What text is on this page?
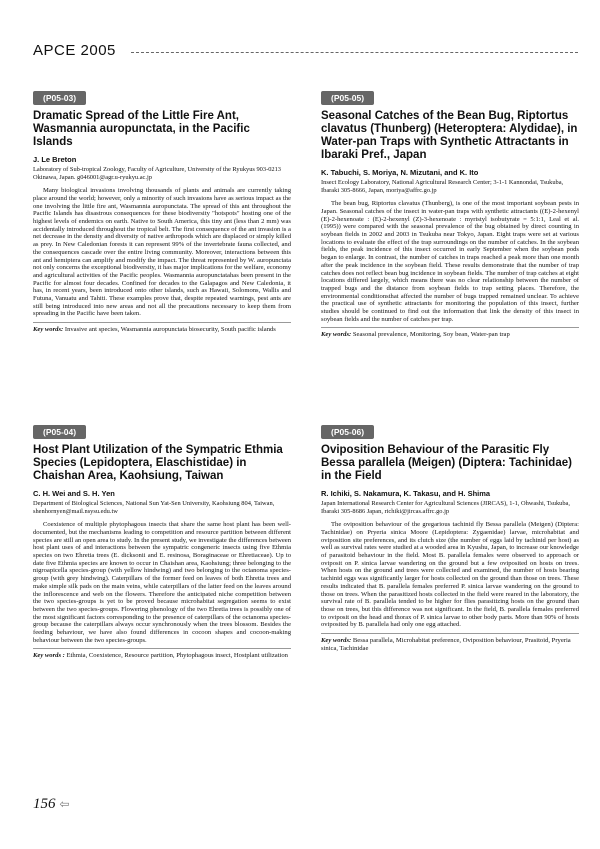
APCE 2005
(P05-03)
Dramatic Spread of the Little Fire Ant, Wasmannia auropunctata, in the Pacific Islands
J. Le Breton
Laboratory of Sub-tropical Zoology, Faculty of Agriculture, University of the Ryukyus 903-0213 Okinawa, Japan. g046001@agr.u-ryukyu.ac.jp

Many biological invasions involving thousands of plants and animals are currently taking place around the world; however, only a minority of such invasions have as serious impact as the one involving the little fire ant, Wasmannia auropunctata. The spread of this ant throughout the Pacific Islands has disastrous consequences for these biodiversity "hotspots" hosting one of the highest levels of endemics on earth. Native to South America, this tiny ant (less than 2 mm) was accidentally introduced throughout the tropical belt. The first consequence of the ant invasion is a net decrease in the density and diversity of native arthropods which are displaced or simply killed as prey. In New Caledonian forests it can represent 99% of the invertebrate fauna collected, and the consequences cascade over the entire living community. Moreover, interactions between this ant and hemiptera can amplify and modify the impact. The threat represented by W. auropunctata not only concerns the exceptional biodiversity, it has major implications for the welfare, economy and agricultural activities of the Pacific peoples. Wasmannia auropunctatahas been present in the Pacific for almost four decades. Confined for decades to the Galapagos and New Caledonia, it has, in recent years, been introduced onto other islands, such as Hawaii, Solomons, Wallis and Futuna, Vanuatu and Tahiti. These examples prove that, despite repeated warnings, pest ants are still being introduced into new areas and not all the precautions necessary to keep them from spreading in the Pacific have been taken.

Key words: Invasive ant species, Wasmannia auropunctata biosecurity, South pacific islands
(P05-05)
Seasonal Catches of the Bean Bug, Riptortus clavatus (Thunberg) (Heteroptera: Alydidae), in Water-pan Traps with Synthetic Attractants in Ibaraki Pref., Japan
K. Tabuchi, S. Moriya, N. Mizutani, and K. Ito
Insect Ecology Laboratory, National Agricultural Research Center; 3-1-1 Kannondai, Tsukuba, Ibaraki 305-8666, Japan, moriya@affrc.go.jp

The bean bug, Riptortus clavatus (Thunberg), is one of the most important soybean pests in Japan. Seasonal catches of the insect in water-pan traps with synthetic attractants ((E)-2-hexenyl (E)-2-hexenoate : (E)-2-hexenyl (Z)-3-hexenoate : myristyl isobutyrate = 5:1:1, Leal et al. (1995)) were compared with the seasonal prevalence of the bug obtained by direct counting in soybean fields in 2002 and 2003 in Tsukuba near Tokyo, Japan. Eight traps were set at various locations to evaluate the effect of the trap surroundings on the number of catches. In the soybean fields, the peak incidence of this insect occurred in early September when the soybean pods began to enlarge. In contrast, the number of catches in traps reached a peak more than one month after the peak incidence in the soybean field. These results demonstrate that the number of trap catches does not reflect bean bug incidence in soybean fields. The number of trap catches at eight locations differed largely, which means there was no clear relationship between the number of trapped bugs and the distance from soybean fields to trap setting places. Therefore, the environmental conditionsthat affected the number of bugs trapped remained unclear. To achieve the practical use of synthetic attractants for monitoring the population of this insect, further studies should be continued to find out the information that link the density of this insect in soybean fields and the number of catches per trap.

Key words: Seasonal prevalence, Monitoring, Soy bean, Water-pan trap
(P05-04)
Host Plant Utilization of the Sympatric Ethmia Species (Lepidoptera, Elaschistidae) in Chaishan Area, Kaohsiung, Taiwan
C. H. Wei and S. H. Yen
Department of Biological Sciences, National Sun Yat-Sen University, Kaohsiung 804, Taiwan, shenhornyen@mail.nsysu.edu.tw

Coexistence of multiple phytophagous insects that share the same host plant has been well-documented, but the mechanisms leading to competition and resource partition between different species are still an open area to study. In the present study, we investigate the differences between host plant uses of and interactions between the sympatric congeneric insects using five Ethmia species on two Ehretia trees (E. dicksonii and E. resinosa, Boraginaceae or Ehretiaceae). Up to date five Ethmia species are known to occur in Chaishan area, Kaohsiung; three belonging to the nigroapicella species-group (with yellow hindwing) and two belonging to the octanoma species-group (with grey hindwing). Caterpillars of the former feed on leaves of both Ehretia trees and make simple silk pads on the main veins, while caterpillars of the latter feed on the leaves around the inflorescence and web on the flowers. Therefore the anticipated niche competition between the two species-groups is yet to be proved because microhabitat segregation seems to exist between the two species-groups. Flowering phenology of the two Ehretia trees is possibly one of the most significant factors corresponding to the presence of caterpillars of the octanoma species-group because the caterpillars always occur synchronously when the trees blossom. Besides the feeding behaviour, we have also found differences in cocoon shapes and cocoon-making behaviour between the two species-groups.

Key words : Ethmia, Coexistence, Resource partition, Phytophagous insect, Hostplant utilization
(P05-06)
Oviposition Behaviour of the Parasitic Fly Bessa parallela (Meigen) (Diptera: Tachinidae) in the Field
R. Ichiki, S. Nakamura, K. Takasu, and H. Shima
Japan International Research Center for Agricultural Sciences (JIRCAS), 1-1, Ohwashi, Tsukuba, Ibaraki 305-8686 Japan, richiki@jircas.affrc.go.jp

The oviposition behaviour of the gregarious tachinid fly Bessa parallela (Meigen) (Diptera: Tachinidae) on Pryeria sinica Moore (Lepidoptera: Zygaenidae) larvae, microhabitat and oviposition site preferences, and its clutch size (the number of eggs laid by tachinid per host) as well as survival rates were studied at a wooded area in Kyushu, Japan, to increase our knowledge of parasitoid behaviour in the field. Most B. parallela females were observed to approach or oviposit on P. sinica larvae wandering on the ground but a few oviposited on hosts on trees. When hosts on the ground and trees were collected and examined, the number of hosts bearing tachinid eggs was significantly larger for hosts collected on the ground than those on trees. These results indicated that B. parallela females preferred P. sinica larvae wandering on the ground to those on trees. When the parasitized hosts collected in the field were reared in the laboratory, the survival rate of B. parallela tended to be higher for flies parasitizing hosts on the ground than those on trees, but this difference was not significant. In the field, B. parallela females preferred to oviposit on the head and thorax of P. sinica larvae to other body parts. More than 90% of hosts oviposited by B. parallela had only one egg attached.

Key words: Bessa parallela, Microhabitat preference, Oviposition behaviour, Prasitoid, Pryeria sinica, Tachinidae
156 ⇦
